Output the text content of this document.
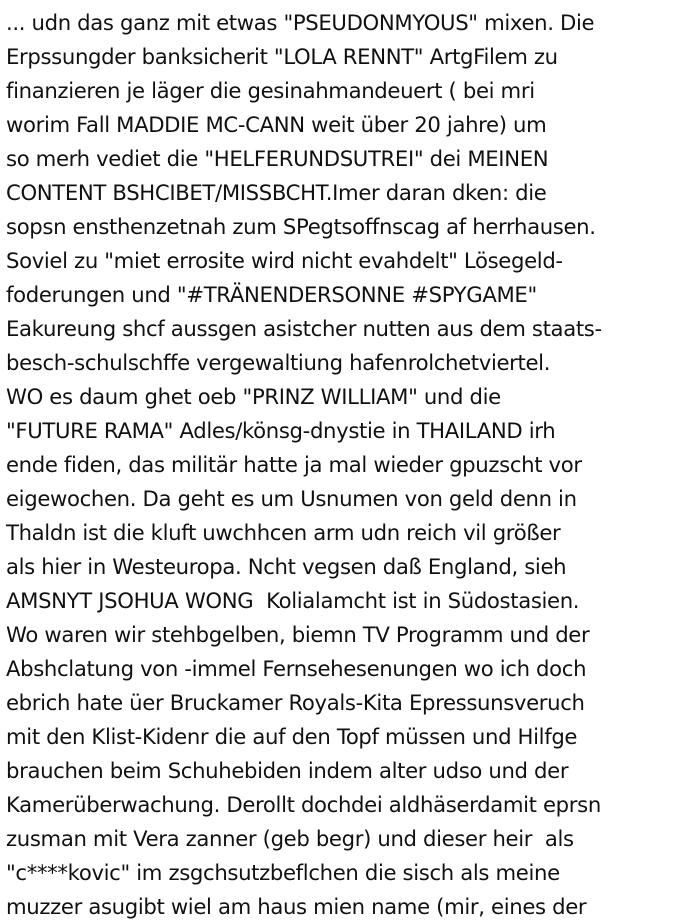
... udn das ganz mit etwas "PSEUDONMYOUS" mixen. Die
Erpssungder banksicherit "LOLA RENNT" ArtgFilem zu
finanzieren je läger die gesinahmandeuert ( bei mri
worim Fall MADDIE MC-CANN weit über 20 jahre) um
so merh vediet die "HELFERUNDSUTREI" dei MEINEN
CONTENT BSHCIBET/MISSBCHT.Imer daran dken: die
sopsn ensthenzetnah zum SPegtsoffnscag af herrhausen.
Soviel zu "miet errosite wird nicht evahdelt" Lösegeld-
foderungen und "#TRÄNENDERSONNE #SPYGAME"
Eakureung shcf aussgen asistcher nutten aus dem staats-
besch-schulschffe vergewaltiung hafenrolchetviertel.
WO es daum ghet oeb "PRINZ WILLIAM" und die
"FUTURE RAMA" Adles/könsg-dnystie in THAILAND irh
ende fiden, das militär hatte ja mal wieder gpuzscht vor
eigewochen. Da geht es um Usnumen von geld denn in
Thaldn ist die kluft uwchhcen arm udn reich vil größer
als hier in Westeuropa. Ncht vegsen daß England, sieh
AMSNYT JSOHUA WONG  Kolialamcht ist in Südostasien.
Wo waren wir stehbgelben, biemn TV Programm und der
Abshclatung von -immel Fernsehesenungen wo ich doch
ebrich hate üer Bruckamer Royals-Kita Epressunsveruch
mit den Klist-Kidenr die auf den Topf müssen und Hilfge
brauchen beim Schuhebiden indem alter udso und der
Kamerüberwachung. Derollt dochdei aldhäserdamit eprsn
zusman mit Vera zanner (geb begr) und dieser heir  als
"c****kovic" im zsgchsutzbeflchen die sisch als meine
muzzer asugibt wiel am haus mien name (mir, eines der
